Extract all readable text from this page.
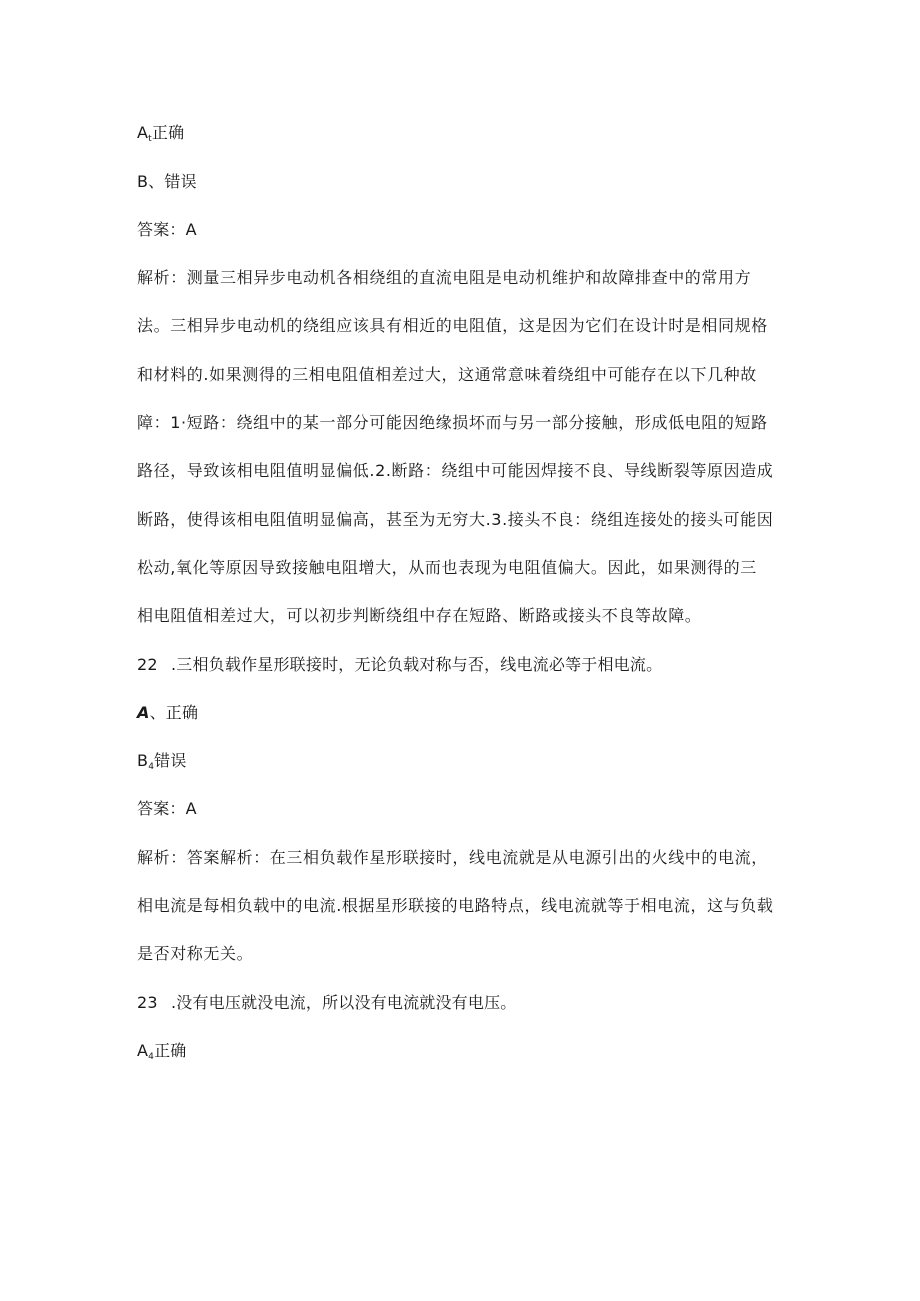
$A_t$正确
B、错误
答案：A
解析：测量三相异步电动机各相绕组的直流电阻是电动机维护和故障排查中的常用方
法。三相异步电动机的绕组应该具有相近的电阻值，这是因为它们在设计时是相同规格
和材料的.如果测得的三相电阻值相差过大，这通常意味着绕组中可能存在以下几种故
障：1·短路：绕组中的某一部分可能因绝缘损坏而与另一部分接触，形成低电阻的短路
路径，导致该相电阻值明显偏低.2.断路：绕组中可能因焊接不良、导线断裂等原因造成
断路，使得该相电阻值明显偏高，甚至为无穷大.3.接头不良：绕组连接处的接头可能因
松动,氧化等原因导致接触电阻增大，从而也表现为电阻值偏大。因此，如果测得的三
相电阻值相差过大，可以初步判断绕组中存在短路、断路或接头不良等故障。
22 .三相负载作星形联接时，无论负载对称与否，线电流必等于相电流。
A、正确
$B_4$错误
答案：A
解析：答案解析：在三相负载作星形联接时，线电流就是从电源引出的火线中的电流，
相电流是每相负载中的电流.根据星形联接的电路特点，线电流就等于相电流，这与负载
是否对称无关。
23 .没有电压就没电流，所以没有电流就没有电压。
$A_4$正确
